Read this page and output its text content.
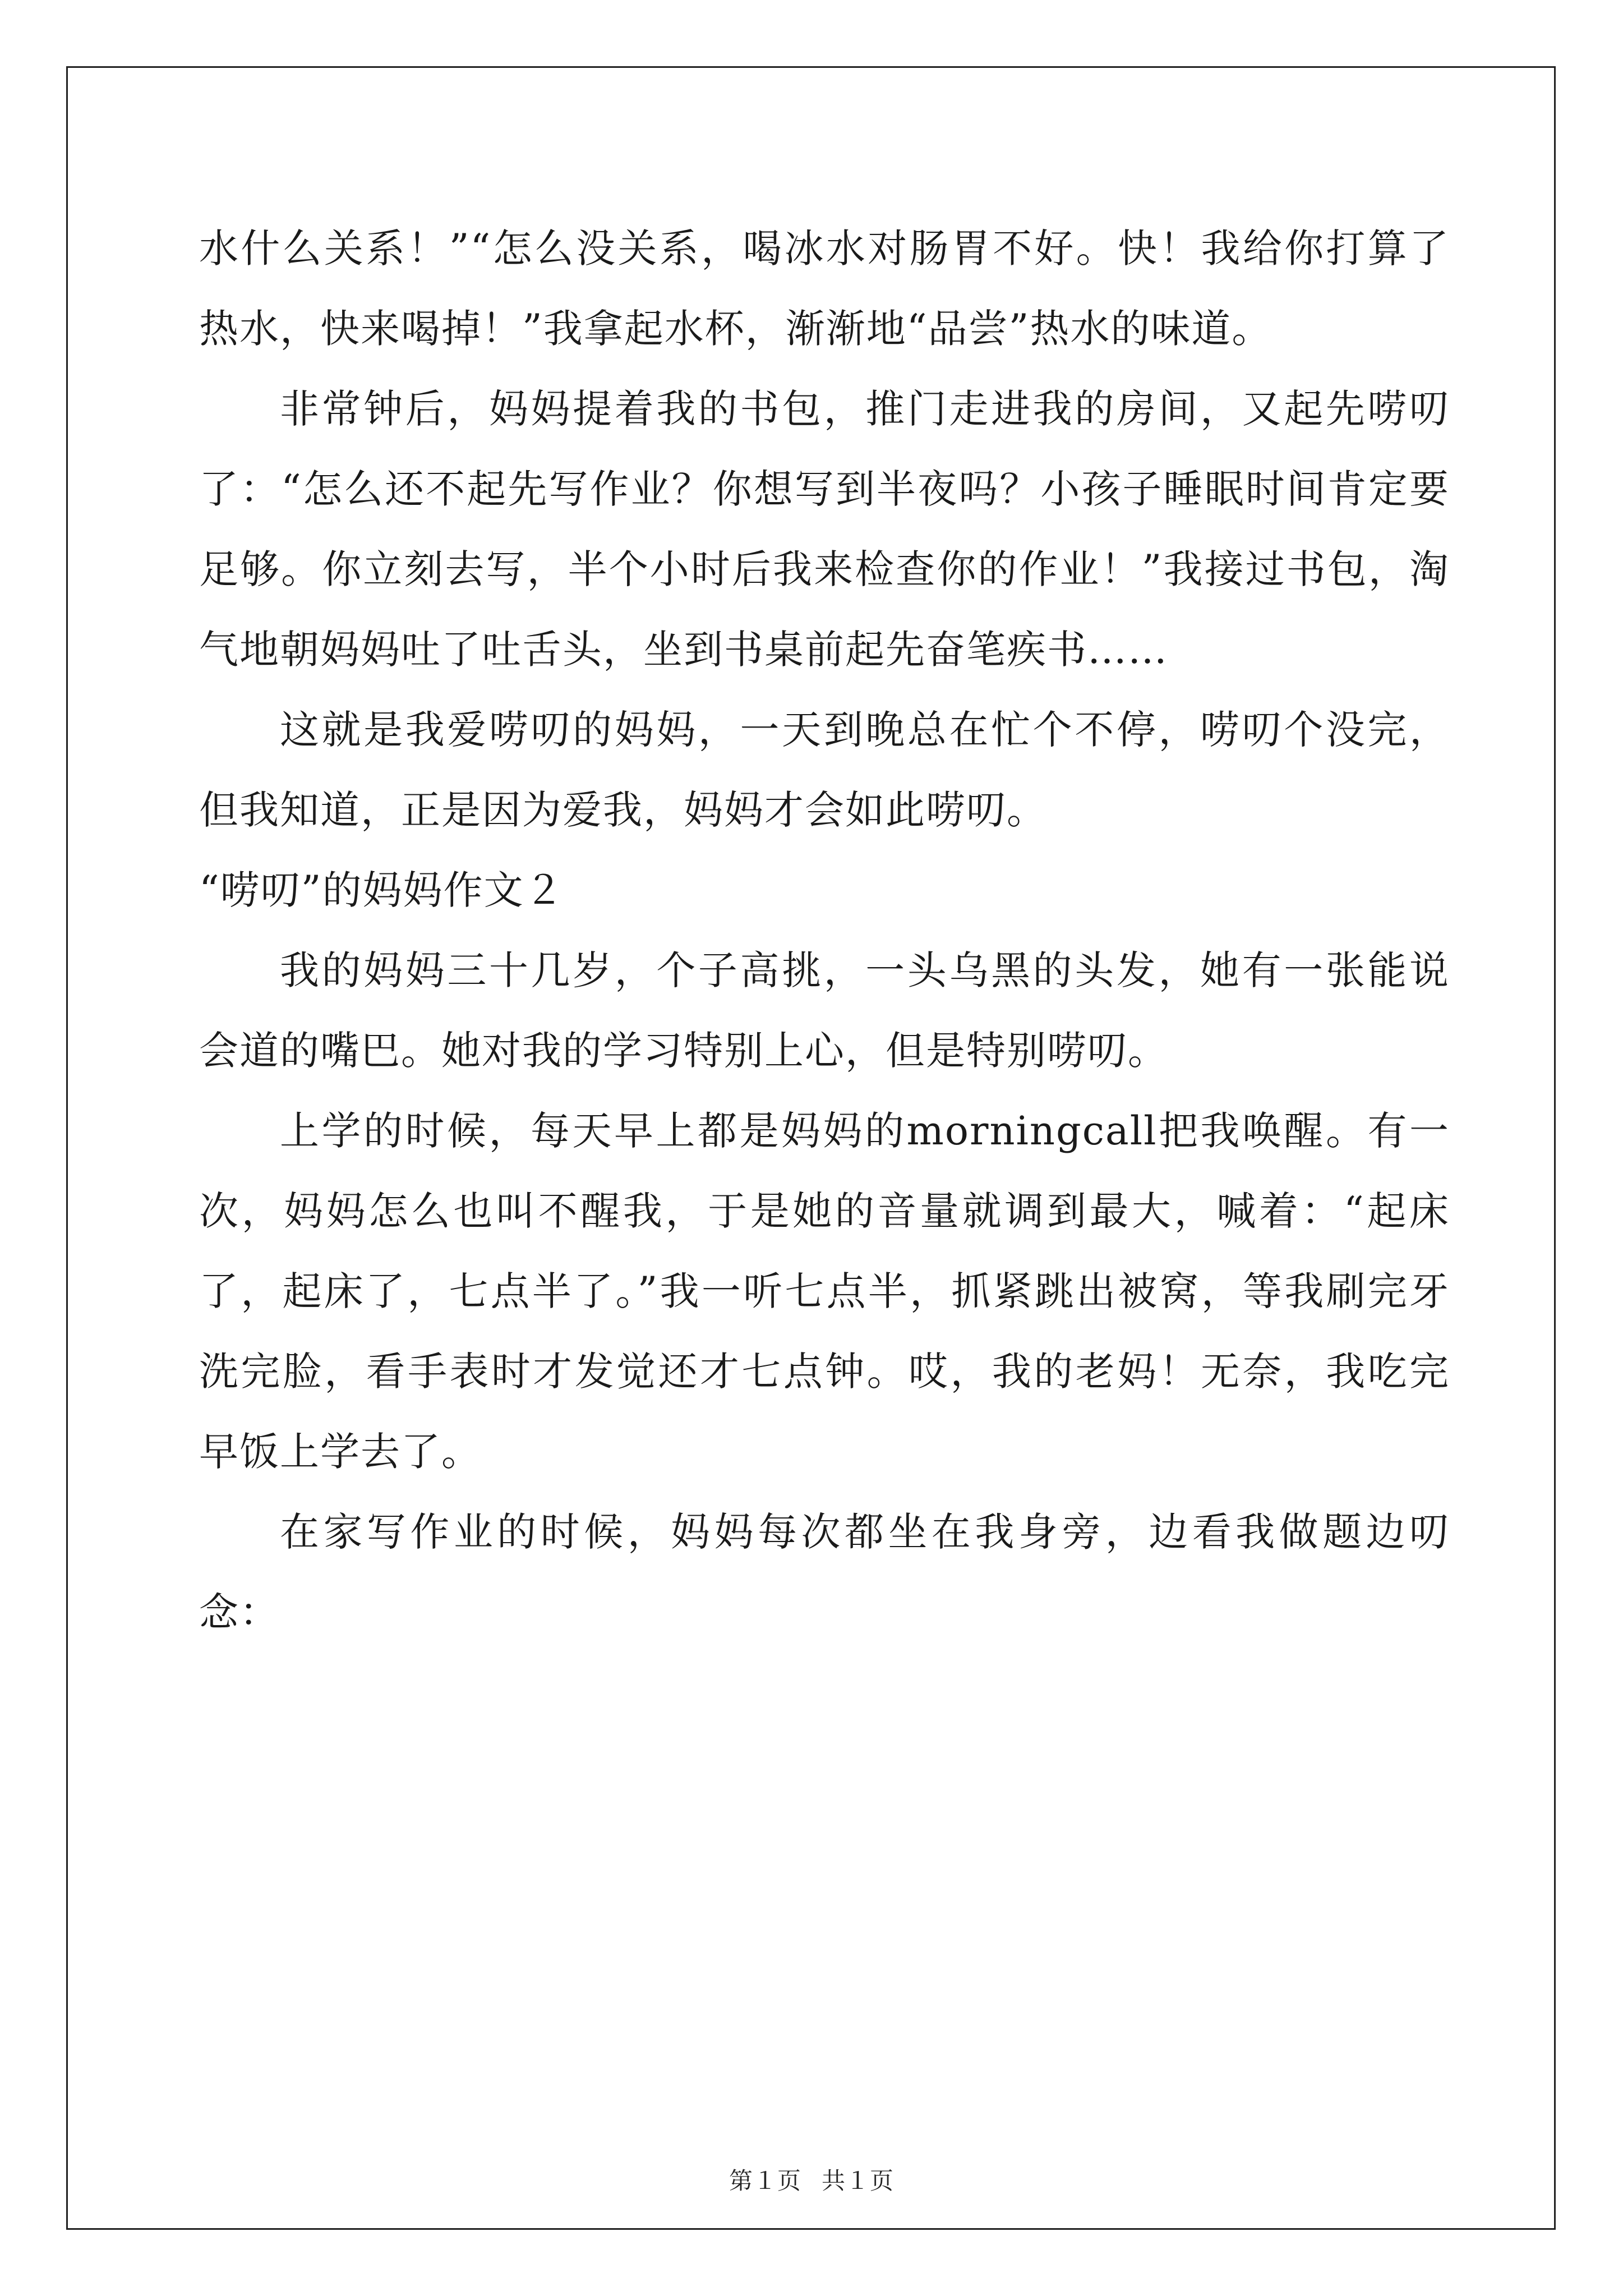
水什么关系！”“怎么没关系，喝冰水对肠胃不好。快！我给你打算了热水，快来喝掉！”我拿起水杯，渐渐地“品尝”热水的味道。

非常钟后，妈妈提着我的书包，推门走进我的房间，又起先唠叨了：“怎么还不起先写作业？你想写到半夜吗？小孩子睡眠时间肯定要足够。你立刻去写，半个小时后我来检查你的作业！”我接过书包，淘气地朝妈妈吐了吐舌头，坐到书桌前起先奋笔疾书……

这就是我爱唠叨的妈妈，一天到晚总在忙个不停，唠叨个没完，但我知道，正是因为爱我，妈妈才会如此唠叨。

“唠叨”的妈妈作文２

我的妈妈三十几岁，个子高挑，一头乌黑的头发，她有一张能说会道的嘴巴。她对我的学习特别上心，但是特别唠叨。

上学的时候，每天早上都是妈妈的morningcall把我唤醒。有一次，妈妈怎么也叫不醒我，于是她的音量就调到最大，喊着：“起床了，起床了，七点半了。”我一听七点半，抓紧跳出被窝，等我刷完牙洗完脸，看手表时才发觉还才七点钟。哎，我的老妈！无奈，我吃完早饭上学去了。

在家写作业的时候，妈妈每次都坐在我身旁，边看我做题边叨念：

第１页 共１页
